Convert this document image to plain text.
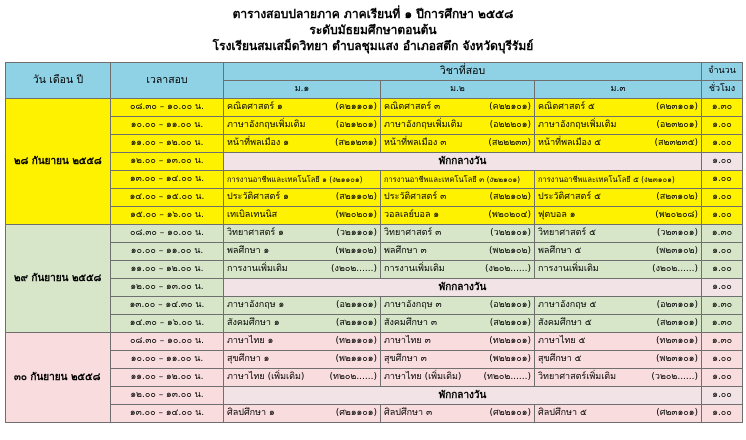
ตารางสอบปลายภาค ภาคเรียนที่ ๑ ปีการศึกษา ๒๕๕๘
ระดับมัธยมศึกษาตอนต้น
โรงเรียนสมเสม็ดวิทยา ตำบลชุมแสง อำเภอสตึก จังหวัดบุรีรัมย์
วัน เดือน ปี	เวลาสอบ	วิชาที่สอบ			จำนวน
		ม.๑	ม.๒	ม.๓	ชั่วโมง
๒๘ กันยายน ๒๕๕๘	๐๘.๓๐ – ๑๐.๐๐ น.	คณิตศาสตร์ ๑ (ค๒๑๑๐๑)	คณิตศาสตร์ ๓ (ค๒๒๑๐๑)	คณิตศาสตร์ ๕ (ค๒๓๑๐๑)	๑.๓๐
	๑๐.๐๐ – ๑๑.๐๐ น.	ภาษาอังกฤษเพิ่มเติม (อ๒๑๒๐๑)	ภาษาอังกฤษเพิ่มเติม (อ๒๒๒๐๑)	ภาษาอังกฤษเพิ่มเติม (อ๒๓๒๐๑)	๑.๐๐
	๑๑.๐๐ – ๑๒.๐๐ น.	หน้าที่พลเมือง ๑ (ส๒๑๒๓๑)	หน้าที่พลเมือง ๓ (ส๒๒๒๓๓)	หน้าที่พลเมือง ๕ (ส๒๓๒๓๕)	๑.๐๐
	๑๒.๐๐ – ๑๓.๐๐ น.	พักกลางวัน			๑.๐๐
	๑๓.๐๐ – ๑๔.๐๐ น.	การงานอาชีพและเทคโนโลยี ๑ (ง๒๑๑๐๑)	การงานอาชีพและเทคโนโลยี ๓ (ง๒๒๑๐๑)	การงานอาชีพและเทคโนโลยี ๕ (ง๒๓๑๐๑)	๑.๐๐
	๑๔.๐๐ – ๑๕.๐๐ น.	ประวัติศาสตร์ ๑ (ส๒๑๑๐๒)	ประวัติศาสตร์ ๓ (ส๒๒๑๐๒)	ประวัติศาสตร์ ๕ (ส๒๓๑๐๒)	๑.๐๐
	๑๕.๐๐ – ๑๖.๐๐ น.	เทเบิลเทนนิส (พ๒๐๒๐๑)	วอลเลย์บอล ๑ (พ๒๐๒๐๔)	ฟุตบอล ๑ (พ๒๐๒๐๘)	๑.๐๐
๒๙ กันยายน ๒๕๕๘	๐๘.๓๐ – ๑๐.๐๐ น.	วิทยาศาสตร์ ๑ (ว๒๑๑๐๑)	วิทยาศาสตร์ ๓ (ว๒๒๑๐๑)	วิทยาศาสตร์ ๕ (ว๒๓๑๐๑)	๑.๓๐
	๑๐.๐๐ – ๑๑.๐๐ น.	พลศึกษา ๑ (พ๒๑๑๐๒)	พลศึกษา ๓ (พ๒๒๑๐๒)	พลศึกษา ๕ (พ๒๓๑๐๒)	๑.๐๐
	๑๑.๐๐ – ๑๒.๐๐ น.	การงานเพิ่มเติม (ง๒๐๒......)	การงานเพิ่มเติม (ง๒๐๒......)	การงานเพิ่มเติม (ง๒๐๒......)	๑.๐๐
	๑๒.๐๐ – ๑๓.๐๐ น.	พักกลางวัน			๑.๐๐
	๑๓.๐๐ – ๑๔.๓๐ น.	ภาษาอังกฤษ ๑ (อ๒๑๑๐๑)	ภาษาอังกฤษ ๓ (อ๒๒๑๐๑)	ภาษาอังกฤษ ๕ (อ๒๓๑๐๑)	๑.๓๐
	๑๔.๓๐ – ๑๖.๐๐ น.	สังคมศึกษา ๑ (ส๒๑๑๐๑)	สังคมศึกษา ๓ (ส๒๒๑๐๑)	สังคมศึกษา ๕ (ส๒๓๑๐๑)	๑.๓๐
๓๐ กันยายน ๒๕๕๘	๐๘.๓๐ – ๑๐.๐๐ น.	ภาษาไทย ๑ (ท๒๑๑๐๑)	ภาษาไทย ๓ (ท๒๒๑๐๑)	ภาษาไทย ๕ (ท๒๓๑๐๑)	๑.๓๐
	๑๐.๐๐ – ๑๑.๐๐ น.	สุขศึกษา ๑ (พ๒๑๑๐๑)	สุขศึกษา ๓ (พ๒๒๑๐๑)	สุขศึกษา ๕ (พ๒๓๑๐๑)	๑.๐๐
	๑๑.๐๐ – ๑๒.๐๐ น.	ภาษาไทย (เพิ่มเติม) (ท๒๐๒......)	ภาษาไทย (เพิ่มเติม) (ท๒๐๒......)	วิทยาศาสตร์เพิ่มเติม (ว๒๐๒......)	๑.๐๐
	๑๒.๐๐ – ๑๓.๐๐ น.	พักกลางวัน			๑.๐๐
	๑๓.๐๐ – ๑๔.๐๐ น.	ศิลปศึกษา ๑ (ศ๒๑๑๐๑)	ศิลปศึกษา ๓ (ศ๒๒๑๐๑)	ศิลปศึกษา ๕ (ศ๒๓๑๐๑)	๑.๐๐
